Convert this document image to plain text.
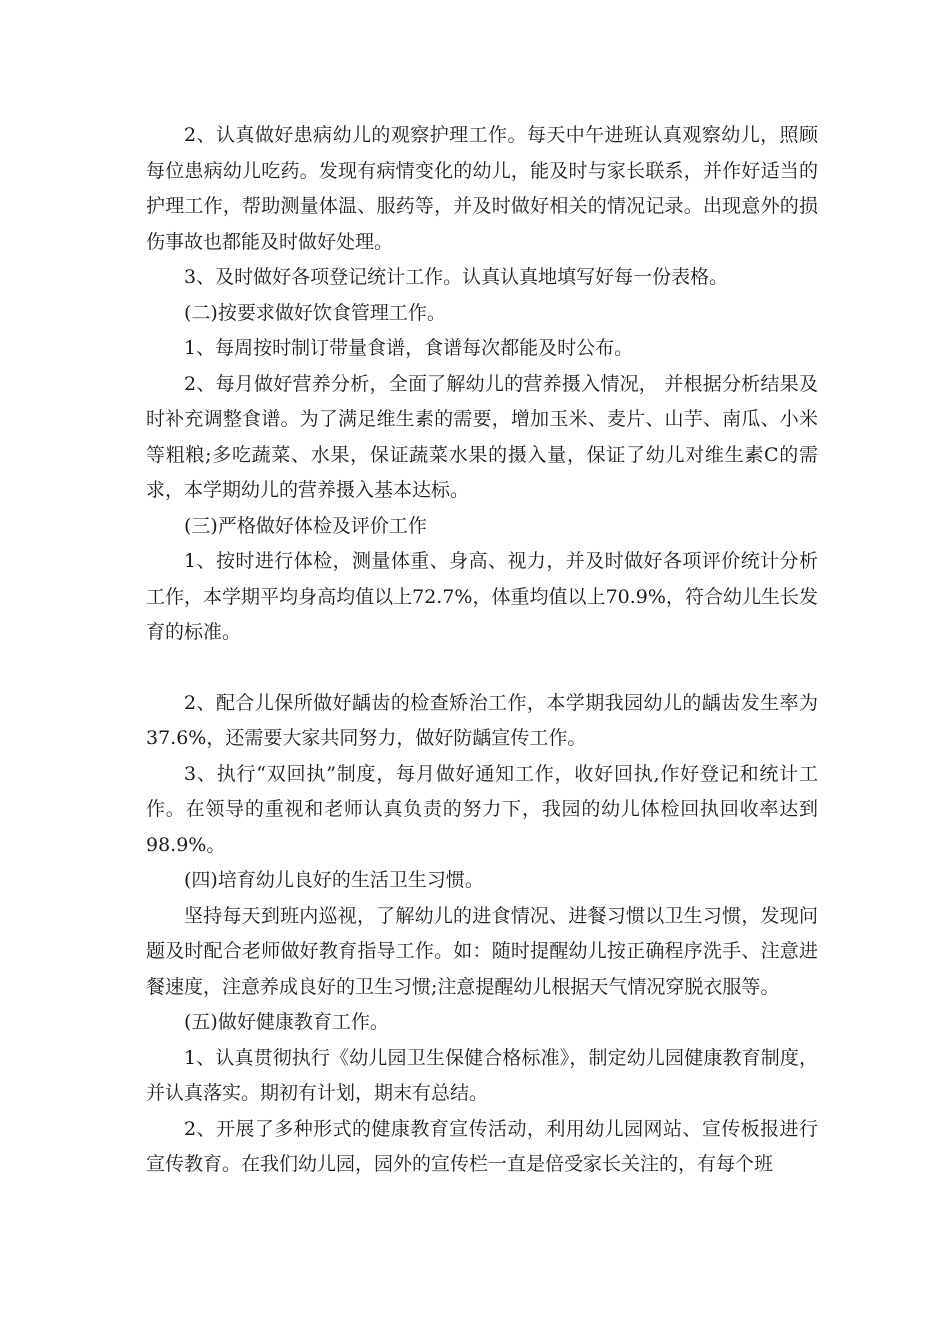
2、认真做好患病幼儿的观察护理工作。每天中午进班认真观察幼儿，照顾每位患病幼儿吃药。发现有病情变化的幼儿，能及时与家长联系，并作好适当的护理工作，帮助测量体温、服药等，并及时做好相关的情况记录。出现意外的损伤事故也都能及时做好处理。

3、及时做好各项登记统计工作。认真认真地填写好每一份表格。

(二)按要求做好饮食管理工作。

1、每周按时制订带量食谱，食谱每次都能及时公布。

2、每月做好营养分析，全面了解幼儿的营养摄入情况， 并根据分析结果及时补充调整食谱。为了满足维生素的需要，增加玉米、麦片、山芋、南瓜、小米等粗粮;多吃蔬菜、水果，保证蔬菜水果的摄入量，保证了幼儿对维生素C的需求，本学期幼儿的营养摄入基本达标。

(三)严格做好体检及评价工作

1、按时进行体检，测量体重、身高、视力，并及时做好各项评价统计分析工作，本学期平均身高均值以上72.7%，体重均值以上70.9%，符合幼儿生长发育的标准。

2、配合儿保所做好龋齿的检查矫治工作，本学期我园幼儿的龋齿发生率为37.6%，还需要大家共同努力，做好防龋宣传工作。

3、执行“双回执”制度，每月做好通知工作，收好回执,作好登记和统计工作。在领导的重视和老师认真负责的努力下，我园的幼儿体检回执回收率达到 98.9%。

(四)培育幼儿良好的生活卫生习惯。

坚持每天到班内巡视，了解幼儿的进食情况、进餐习惯以卫生习惯，发现问题及时配合老师做好教育指导工作。如：随时提醒幼儿按正确程序洗手、注意进餐速度，注意养成良好的卫生习惯;注意提醒幼儿根据天气情况穿脱衣服等。

(五)做好健康教育工作。

1、认真贯彻执行《幼儿园卫生保健合格标准》，制定幼儿园健康教育制度，并认真落实。期初有计划，期末有总结。

2、开展了多种形式的健康教育宣传活动，利用幼儿园网站、宣传板报进行宣传教育。在我们幼儿园，园外的宣传栏一直是倍受家长关注的，有每个班
